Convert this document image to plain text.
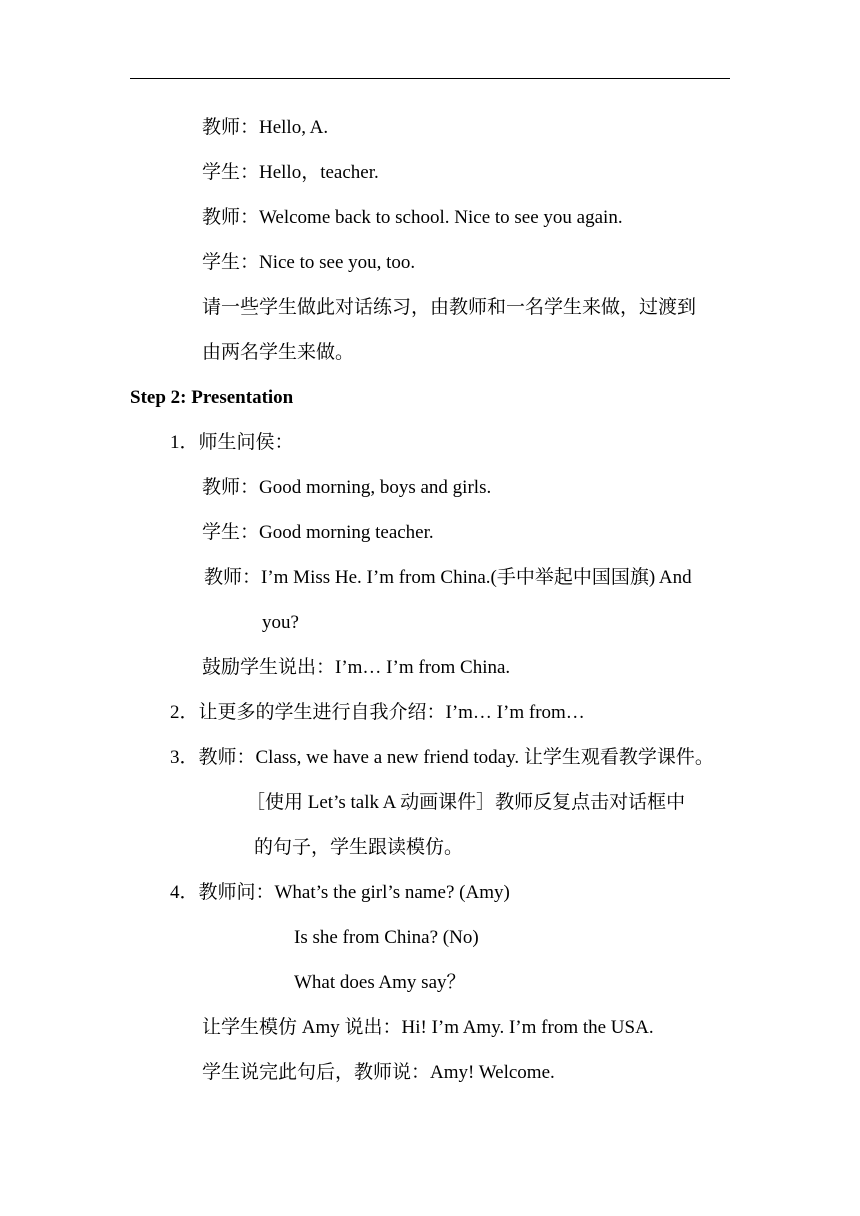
教师：Hello, A.
学生：Hello，teacher.
教师：Welcome back to school. Nice to see you again.
学生：Nice to see you, too.
请一些学生做此对话练习，由教师和一名学生来做，过渡到
由两名学生来做。
Step 2: Presentation
1．师生问侯：
教师：Good morning, boys and girls.
学生：Good morning teacher.
教师：I’m Miss He. I’m from China.(手中举起中国国旗) And
you?
鼓励学生说出：I’m… I’m from China.
2．让更多的学生进行自我介绍：I’m… I’m from…
3．教师：Class, we have a new friend today. 让学生观看教学课件。
［使用 Let’s talk A 动画课件］教师反复点击对话框中
的句子，学生跟读模仿。
4．教师问：What’s the girl’s name? (Amy)
Is she from China? (No)
What does Amy say？
让学生模仿 Amy 说出：Hi! I’m Amy. I’m from the USA.
学生说完此句后，教师说：Amy! Welcome.
